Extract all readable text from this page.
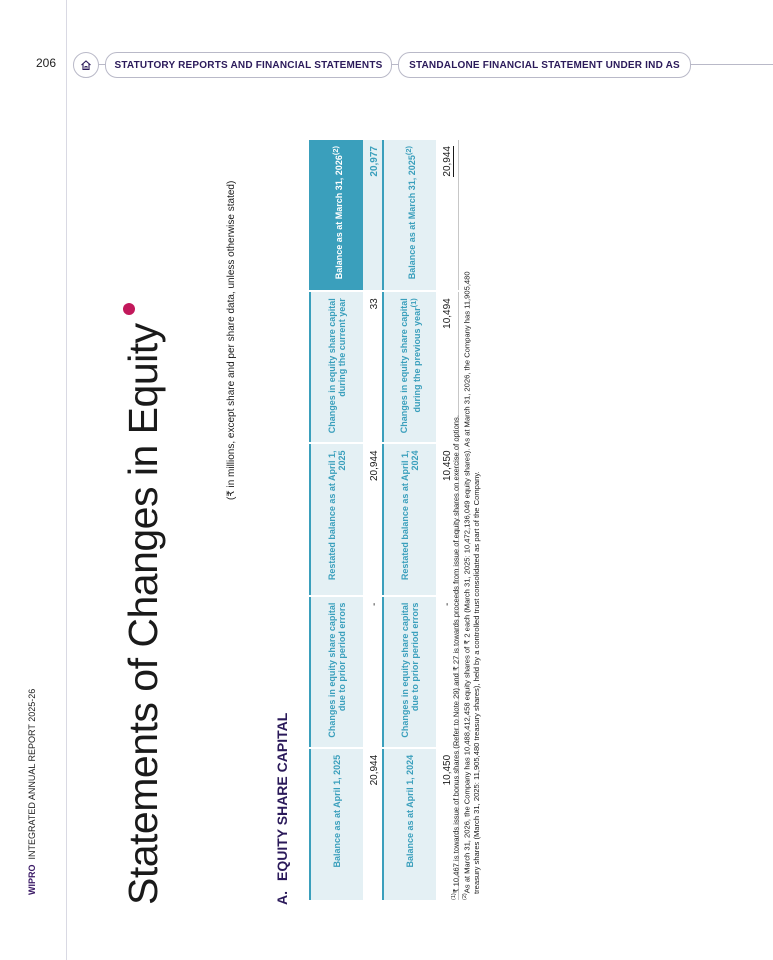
WIPROINTEGRATED ANNUAL REPORT 2025-26
206	STATUTORY REPORTS AND FINANCIAL STATEMENTS	STANDALONE FINANCIAL STATEMENT UNDER IND AS
Statements of Changes in Equity	(₹ in millions, except share and per share data, unless otherwise stated)
A.EQUITY SHARE CAPITAL	Balance as at April 1, 2025	Changes in equity share capital due to prior period errors	Restated balance as at April 1, 2025	Changes in equity share capital during the current year	Balance as at March 31, 2026$^{(2)}$
20,944	-	20,944	33	20,977
Balance as at April 1, 2024	Changes in equity share capital due to prior period errors	Restated balance as at April 1, 2024	Changes in equity share capital during the previous year$^{(1)}$	Balance as at March 31, 2025$^{(2)}$
10,450	-	10,450	10,494	20,944

$^{(1)}$₹ 10,467 is towards issue of bonus shares (Refer to Note 29) and ₹ 27 is towards proceeds from issue of equity shares on exercise of options.

$^{(2)}$As at March 31, 2026, the Company has 10,488,412,458 equity shares of ₹ 2 each (March 31, 2025: 10,472,136,049 equity shares). As at March 31, 2026, the Company has 11,905,480 treasury shares (March 31, 2025: 11,905,480 treasury shares), held by a controlled trust consolidated as part of the Company.
